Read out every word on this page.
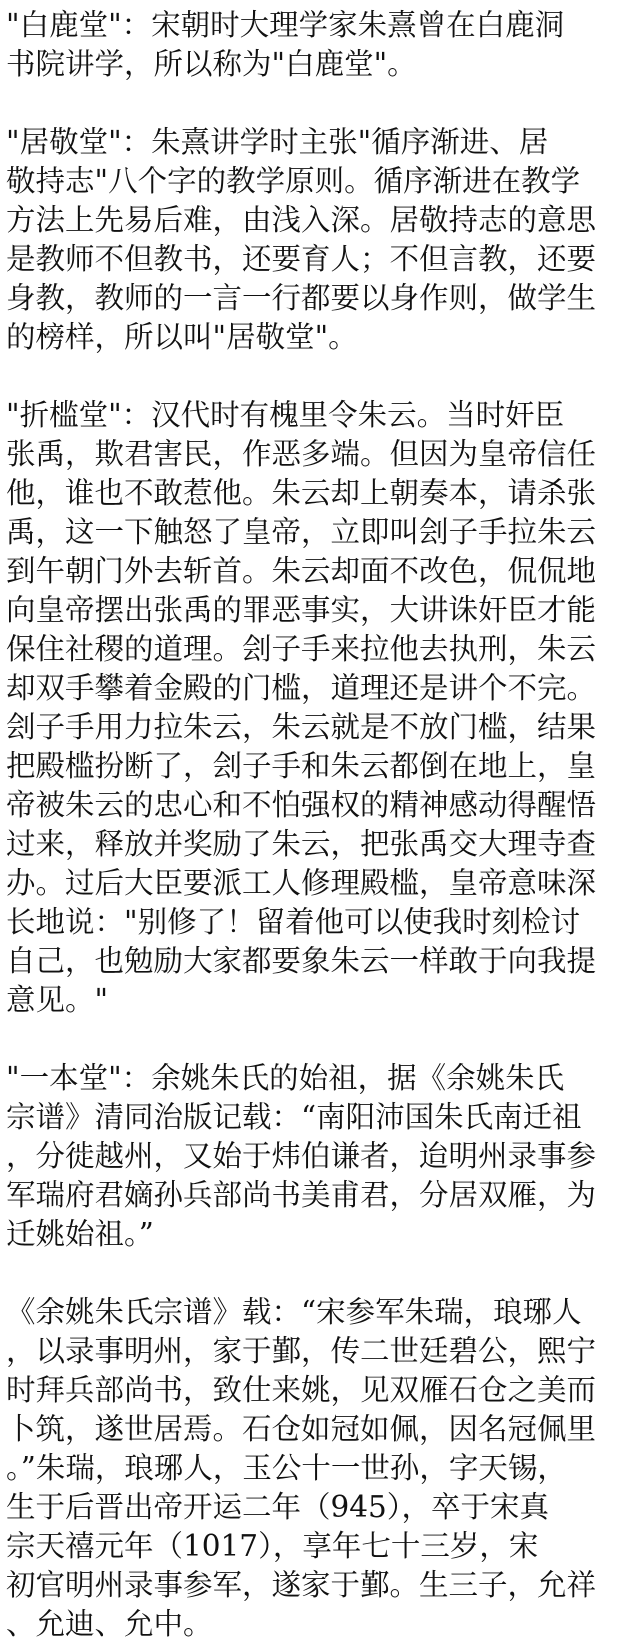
"白鹿堂"：宋朝时大理学家朱熹曾在白鹿洞
书院讲学，所以称为"白鹿堂"。
"居敬堂"：朱熹讲学时主张"循序渐进、居
敬持志"八个字的教学原则。循序渐进在教学
方法上先易后难，由浅入深。居敬持志的意思
是教师不但教书，还要育人；不但言教，还要
身教，教师的一言一行都要以身作则，做学生
的榜样，所以叫"居敬堂"。
"折槛堂"：汉代时有槐里令朱云。当时奸臣
张禹，欺君害民，作恶多端。但因为皇帝信任
他，谁也不敢惹他。朱云却上朝奏本，请杀张
禹，这一下触怒了皇帝，立即叫刽子手拉朱云
到午朝门外去斩首。朱云却面不改色，侃侃地
向皇帝摆出张禹的罪恶事实，大讲诛奸臣才能
保住社稷的道理。刽子手来拉他去执刑，朱云
却双手攀着金殿的门槛，道理还是讲个不完。
刽子手用力拉朱云，朱云就是不放门槛，结果
把殿槛扮断了，刽子手和朱云都倒在地上，皇
帝被朱云的忠心和不怕强权的精神感动得醒悟
过来，释放并奖励了朱云，把张禹交大理寺查
办。过后大臣要派工人修理殿槛，皇帝意味深
长地说："别修了！留着他可以使我时刻检讨
自己，也勉励大家都要象朱云一样敢于向我提
意见。"
"一本堂"：余姚朱氏的始祖，据《余姚朱氏
宗谱》清同治版记载：“南阳沛国朱氏南迁祖
，分徙越州，又始于炜伯谦者，迨明州录事参
军瑞府君嫡孙兵部尚书美甫君，分居双雁，为
迁姚始祖。”
《余姚朱氏宗谱》载：“宋参军朱瑞，琅琊人
，以录事明州，家于鄞，传二世廷碧公，熙宁
时拜兵部尚书，致仕来姚，见双雁石仓之美而
卜筑，遂世居焉。石仓如冠如佩，因名冠佩里
。”朱瑞，琅琊人，玉公十一世孙，字天锡，
生于后晋出帝开运二年（945），卒于宋真
宗天禧元年（1017），享年七十三岁，宋
初官明州录事参军，遂家于鄞。生三子，允祥
、允迪、允中。
